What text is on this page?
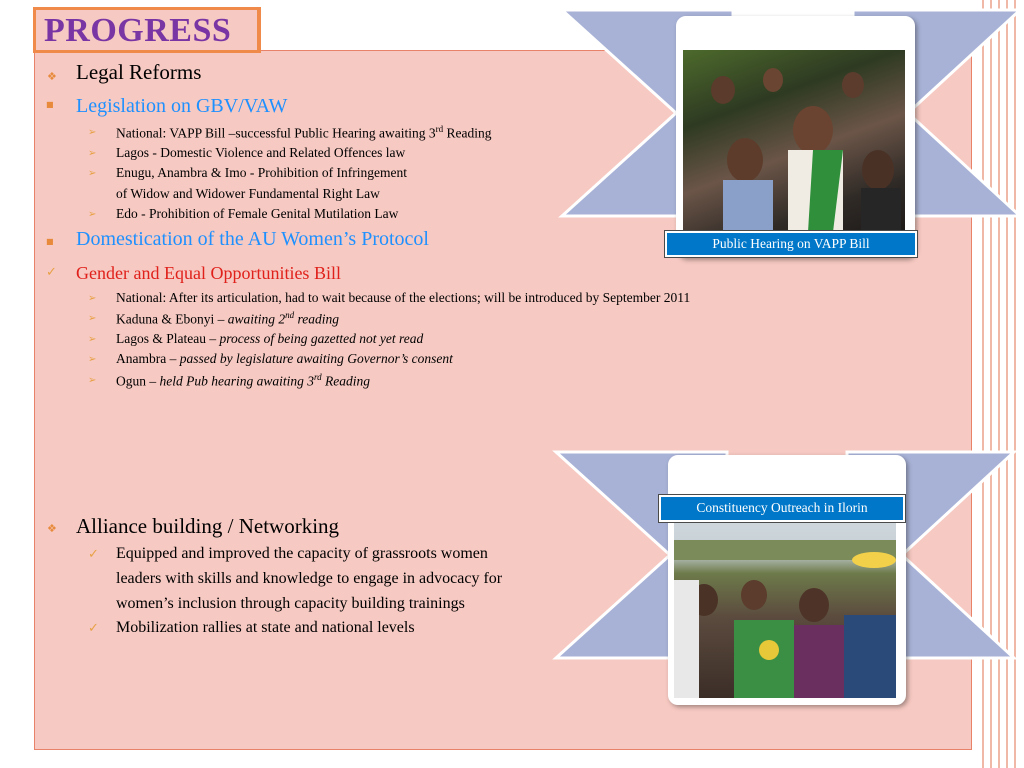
PROGRESS
❖ Legal Reforms
■ Legislation on GBV/VAW
➢ National: VAPP Bill –successful Public Hearing awaiting 3rd Reading
➢ Lagos - Domestic Violence and Related Offences law
➢ Enugu, Anambra & Imo - Prohibition of Infringement
of Widow and Widower Fundamental Right Law
➢ Edo - Prohibition of Female Genital Mutilation Law
■ Domestication of the AU Women’s Protocol
✓ Gender and Equal Opportunities Bill
➢ National: After its articulation, had to wait because of the elections; will be introduced by September 2011
➢ Kaduna & Ebonyi – awaiting 2nd reading
➢ Lagos & Plateau – process of being gazetted not yet read
➢ Anambra – passed by legislature awaiting Governor’s consent
➢ Ogun – held Pub hearing awaiting 3rd Reading
❖ Alliance building / Networking
✓ Equipped and improved the capacity of grassroots women
leaders with skills and knowledge to engage in advocacy for
women’s inclusion through capacity building trainings
✓ Mobilization rallies at state and national levels
Public Hearing on VAPP Bill
Constituency Outreach in Ilorin
